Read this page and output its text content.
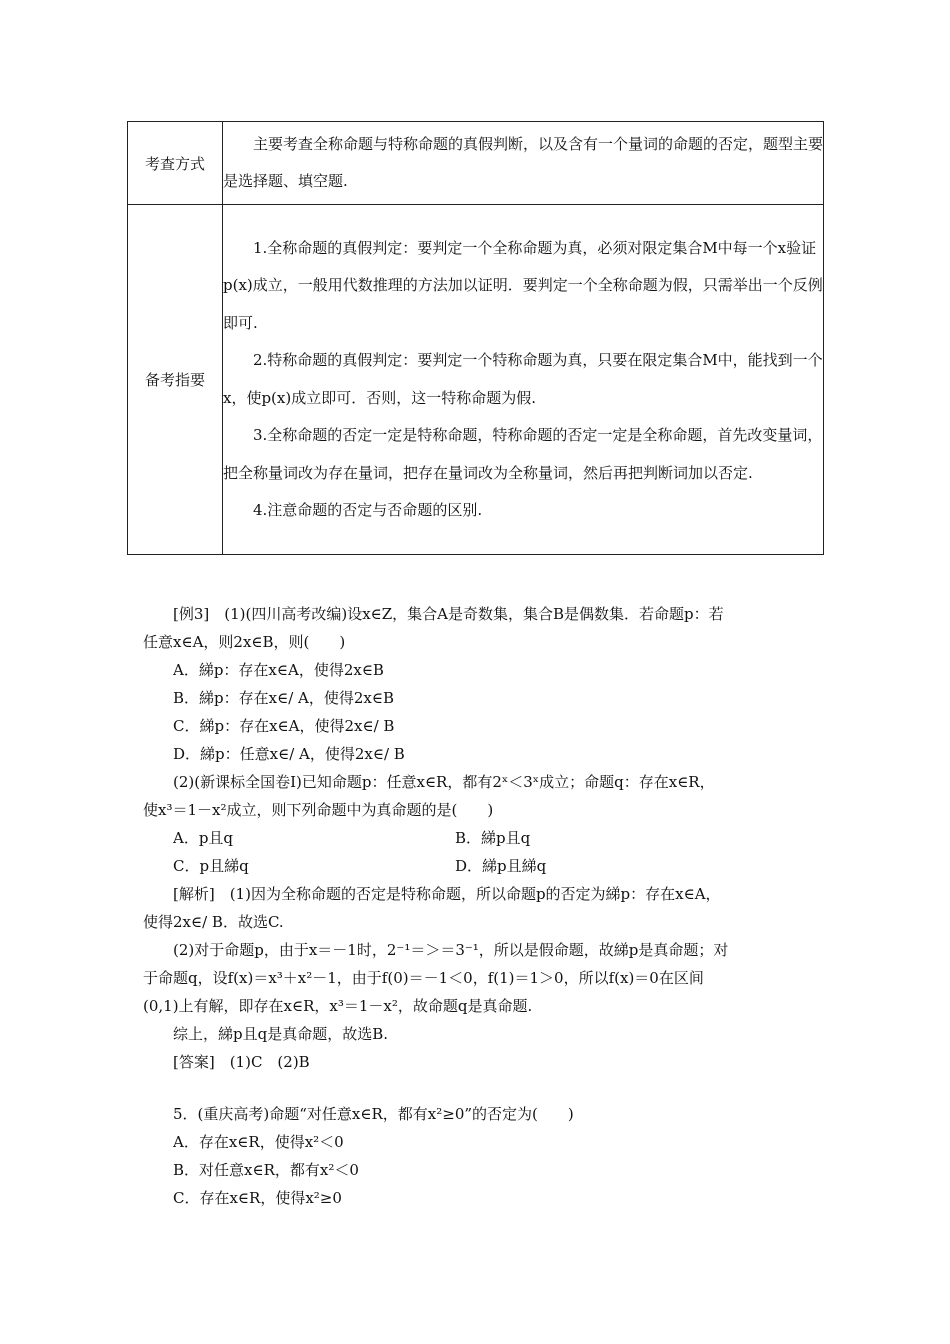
考查方式	主要考查全称命题与特称命题的真假判断，以及含有一个量词的命题的否定，题型主要是选择题、填空题.

备考指要	1.全称命题的真假判定：要判定一个全称命题为真，必须对限定集合M中每一个x验证p(x)成立，一般用代数推理的方法加以证明．要判定一个全称命题为假，只需举出一个反例即可.

2.特称命题的真假判定：要判定一个特称命题为真，只要在限定集合M中，能找到一个x，使p(x)成立即可．否则，这一特称命题为假.

3.全称命题的否定一定是特称命题，特称命题的否定一定是全称命题，首先改变量词，把全称量词改为存在量词，把存在量词改为全称量词，然后再把判断词加以否定.

4.注意命题的否定与否命题的区别.

[例3]　(1)(四川高考改编)设x∈Z，集合A是奇数集，集合B是偶数集．若命题p：若
任意x∈A，则2x∈B，则(　　)
A．綈p：存在x∈A，使得2x∈B
B．綈p：存在x∈/ A，使得2x∈B
C．綈p：存在x∈A，使得2x∈/ B
D．綈p：任意x∈/ A，使得2x∈/ B
(2)(新课标全国卷Ⅰ)已知命题p：任意x∈R，都有2ˣ＜3ˣ成立；命题q：存在x∈R，
使x³＝1－x²成立，则下列命题中为真命题的是(　　)
A．p且q	B．綈p且q
C．p且綈q	D．綈p且綈q
[解析]　(1)因为全称命题的否定是特称命题，所以命题p的否定为綈p：存在x∈A，
使得2x∈/ B．故选C.
(2)对于命题p，由于x＝－1时，2⁻¹＝＞＝3⁻¹，所以是假命题，故綈p是真命题；对
于命题q，设f(x)＝x³＋x²－1，由于f(0)＝－1＜0，f(1)＝1＞0，所以f(x)＝0在区间
(0,1)上有解，即存在x∈R，x³＝1－x²，故命题q是真命题.
综上，綈p且q是真命题，故选B.
[答案]　(1)C　(2)B
5．(重庆高考)命题“对任意x∈R，都有x²≥0”的否定为(　　)
A．存在x∈R，使得x²＜0
B．对任意x∈R，都有x²＜0
C．存在x∈R，使得x²≥0
